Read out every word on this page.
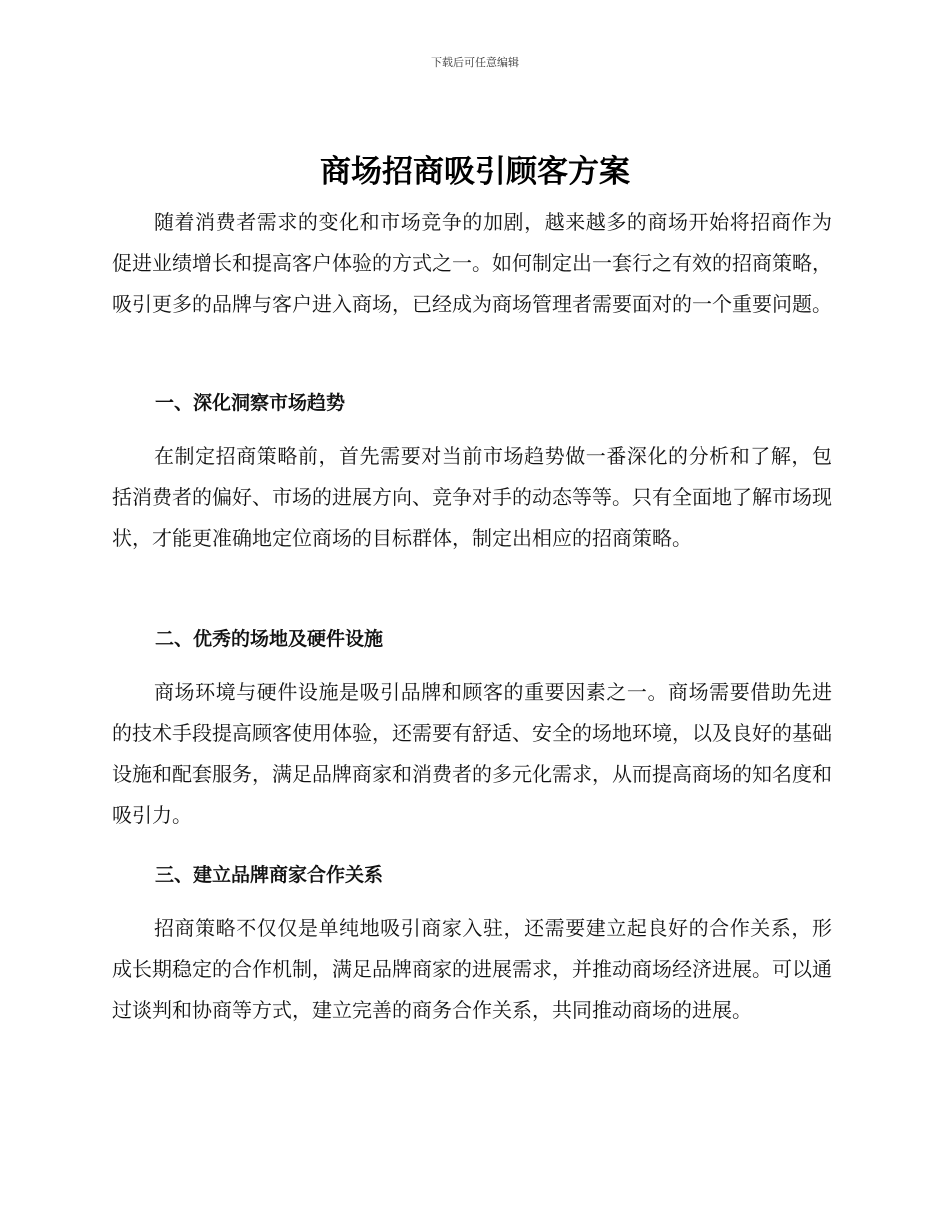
下载后可任意编辑
商场招商吸引顾客方案

随着消费者需求的变化和市场竞争的加剧，越来越多的商场开始将招商作为促进业绩增长和提高客户体验的方式之一。如何制定出一套行之有效的招商策略，吸引更多的品牌与客户进入商场，已经成为商场管理者需要面对的一个重要问题。

一、深化洞察市场趋势

在制定招商策略前，首先需要对当前市场趋势做一番深化的分析和了解，包括消费者的偏好、市场的进展方向、竞争对手的动态等等。只有全面地了解市场现状，才能更准确地定位商场的目标群体，制定出相应的招商策略。

二、优秀的场地及硬件设施

商场环境与硬件设施是吸引品牌和顾客的重要因素之一。商场需要借助先进的技术手段提高顾客使用体验，还需要有舒适、安全的场地环境，以及良好的基础设施和配套服务，满足品牌商家和消费者的多元化需求，从而提高商场的知名度和吸引力。

三、建立品牌商家合作关系

招商策略不仅仅是单纯地吸引商家入驻，还需要建立起良好的合作关系，形成长期稳定的合作机制，满足品牌商家的进展需求，并推动商场经济进展。可以通过谈判和协商等方式，建立完善的商务合作关系，共同推动商场的进展。
